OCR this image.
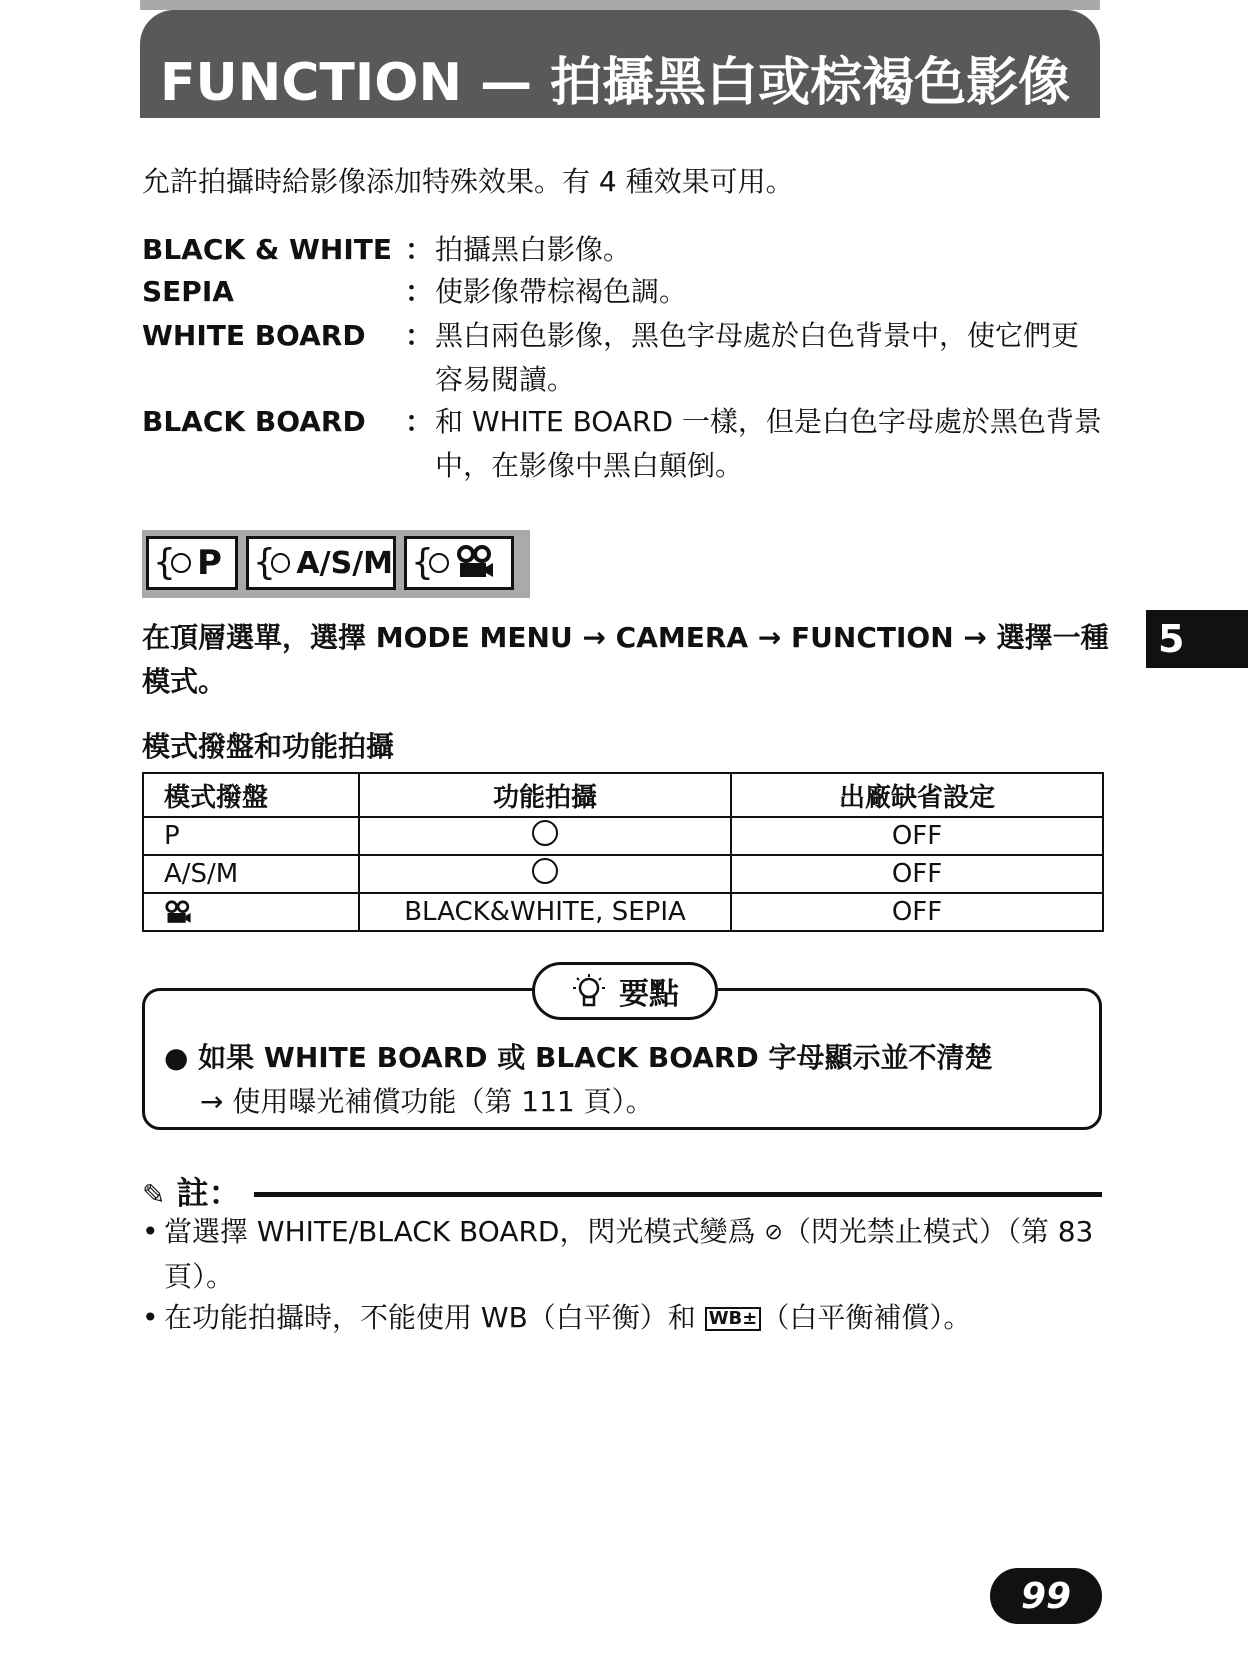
FUNCTION — 拍攝黑白或棕褐色影像
允許拍攝時給影像添加特殊效果。有 4 種效果可用。
BLACK & WHITE ： 拍攝黑白影像。
SEPIA	： 使影像帶棕褐色調。
WHITE BOARD ： 黑白兩色影像，黑色字母處於白色背景中，使它們更容易閱讀。
BLACK BOARD ： 和 WHITE BOARD 一樣，但是白色字母處於黑色背景中，在影像中黑白顛倒。
{ P { A/S/M {
在頂層選單，選擇 MODE MENU → CAMERA → FUNCTION → 選擇一種模式。
模式撥盤和功能拍攝
模式撥盤	功能拍攝	出廠缺省設定
P		OFF
A/S/M		OFF
	BLACK&WHITE, SEPIA	OFF
要點
● 如果 WHITE BOARD 或 BLACK BOARD 字母顯示並不清楚
→ 使用曝光補償功能（第 111 頁）。
✎ 註：
• 當選擇 WHITE/BLACK BOARD，閃光模式變爲 ⊘（閃光禁止模式）（第 83 頁）。
• 在功能拍攝時，不能使用 WB（白平衡）和 WB± （白平衡補償）。
5
99
